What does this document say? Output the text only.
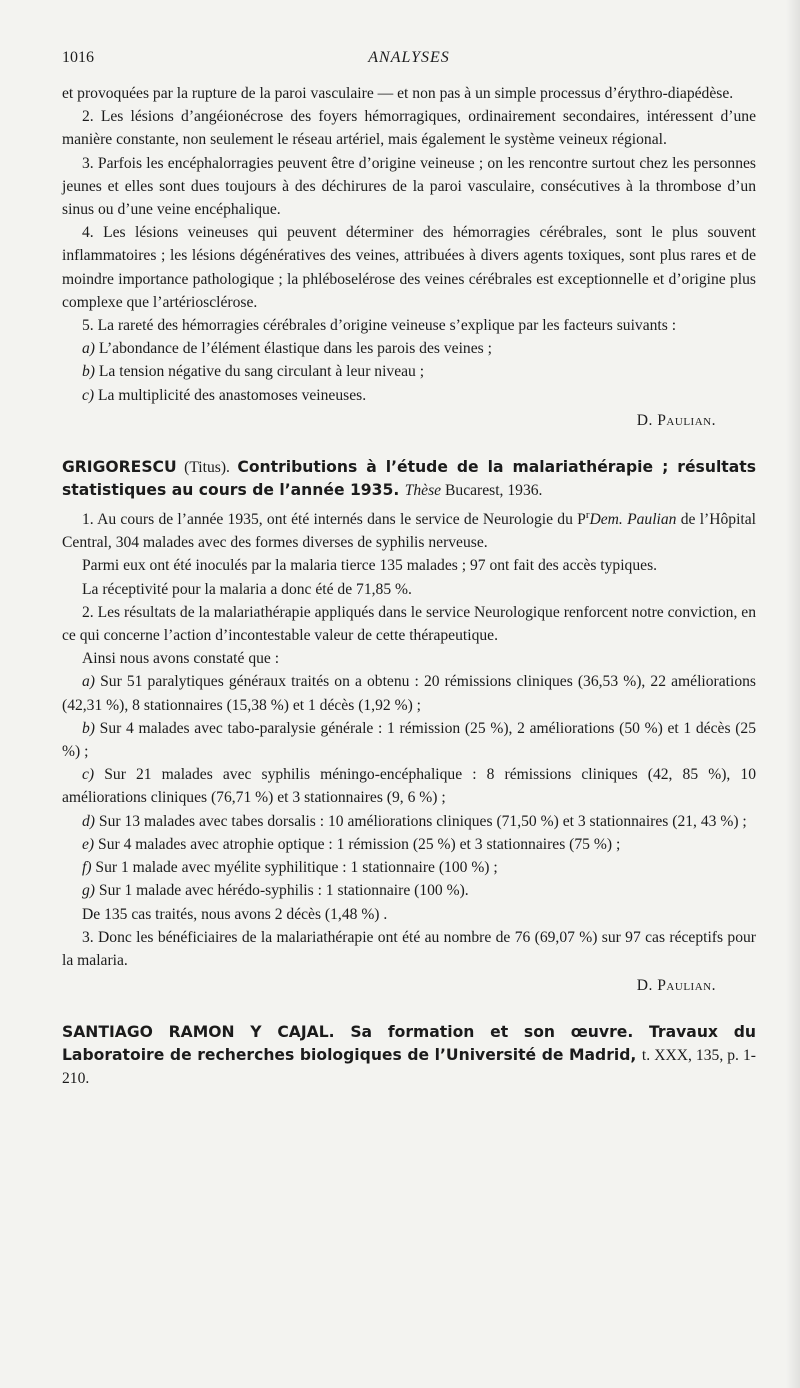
1016	ANALYSES

et provoquées par la rupture de la paroi vasculaire — et non pas à un simple processus d’érythro-diapédèse.

2. Les lésions d’angéionécrose des foyers hémorragiques, ordinairement secondaires, intéressent d’une manière constante, non seulement le réseau artériel, mais également le système veineux régional.

3. Parfois les encéphalorragies peuvent être d’origine veineuse ; on les rencontre surtout chez les personnes jeunes et elles sont dues toujours à des déchirures de la paroi vasculaire, consécutives à la thrombose d’un sinus ou d’une veine encéphalique.

4. Les lésions veineuses qui peuvent déterminer des hémorragies cérébrales, sont le plus souvent inflammatoires ; les lésions dégénératives des veines, attribuées à divers agents toxiques, sont plus rares et de moindre importance pathologique ; la phléboselérose des veines cérébrales est exceptionnelle et d’origine plus complexe que l’artériosclérose.

5. La rareté des hémorragies cérébrales d’origine veineuse s’explique par les facteurs suivants :

a) L’abondance de l’élément élastique dans les parois des veines ;

b) La tension négative du sang circulant à leur niveau ;

c) La multiplicité des anastomoses veineuses.

D. Paulian.
GRIGORESCU (Titus). Contributions à l’étude de la malariathérapie ; résultats statistiques au cours de l’année 1935. Thèse Bucarest, 1936.

1. Au cours de l’année 1935, ont été internés dans le service de Neurologie du $P^rDem$. Paulian de l’Hôpital Central, 304 malades avec des formes diverses de syphilis nerveuse.

Parmi eux ont été inoculés par la malaria tierce 135 malades ; 97 ont fait des accès typiques.

La réceptivité pour la malaria a donc été de 71,85 %.

2. Les résultats de la malariathérapie appliqués dans le service Neurologique renforcent notre conviction, en ce qui concerne l’action d’incontestable valeur de cette thérapeutique.

Ainsi nous avons constaté que :

a) Sur 51 paralytiques généraux traités on a obtenu : 20 rémissions cliniques (36,53 %), 22 améliorations (42,31 %), 8 stationnaires (15,38 %) et 1 décès (1,92 %) ;

b) Sur 4 malades avec tabo-paralysie générale : 1 rémission (25 %), 2 améliorations (50 %) et 1 décès (25 %) ;

c) Sur 21 malades avec syphilis méningo-encéphalique : 8 rémissions cliniques (42, 85 %), 10 améliorations cliniques (76,71 %) et 3 stationnaires (9, 6 %) ;

d) Sur 13 malades avec tabes dorsalis : 10 améliorations cliniques (71,50 %) et 3 stationnaires (21, 43 %) ;

e) Sur 4 malades avec atrophie optique : 1 rémission (25 %) et 3 stationnaires (75 %) ;

f) Sur 1 malade avec myélite syphilitique : 1 stationnaire (100 %) ;

g) Sur 1 malade avec hérédo-syphilis : 1 stationnaire (100 %).

De 135 cas traités, nous avons 2 décès (1,48 %) .

3. Donc les bénéficiaires de la malariathérapie ont été au nombre de 76 (69,07 %) sur 97 cas réceptifs pour la malaria.

D. Paulian.
SANTIAGO RAMON Y CAJAL. Sa formation et son œuvre. Travaux du Laboratoire de recherches biologiques de l’Université de Madrid, t. XXX, 135, p. 1-210.
